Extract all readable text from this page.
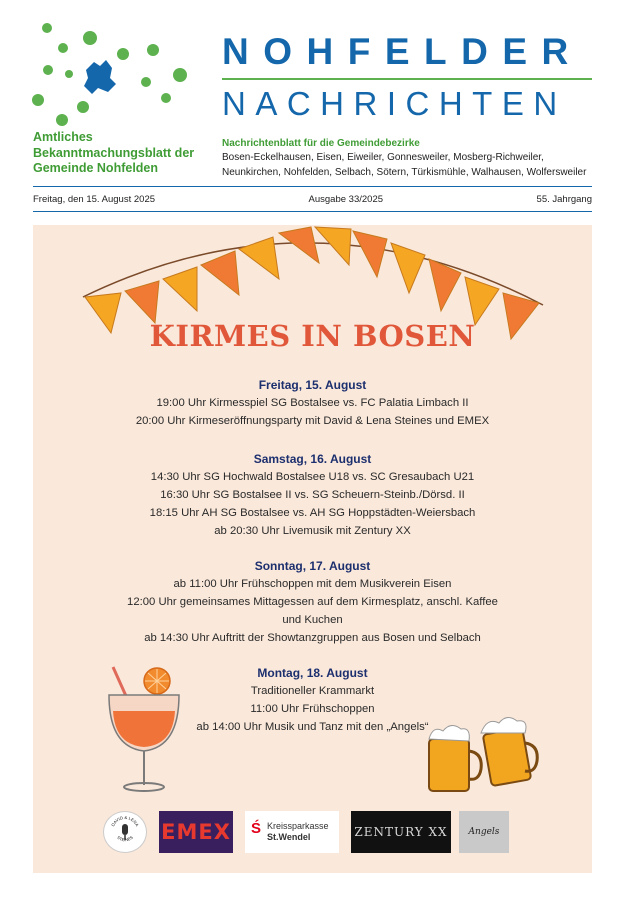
Amtliches
Bekanntmachungsblatt der
Gemeinde Nohfelden
NOHFELDER
NACHRICHTEN
Nachrichtenblatt für die Gemeindebezirke
Bosen-Eckelhausen, Eisen, Eiweiler, Gonnesweiler, Mosberg-Richweiler,
Neunkirchen, Nohfelden, Selbach, Sötern, Türkismühle, Walhausen, Wolfersweiler
Freitag, den 15. August 2025	Ausgabe 33/2025	55. Jahrgang
KIRMES IN BOSEN
Freitag, 15. August

19:00 Uhr Kirmesspiel SG Bostalsee vs. FC Palatia Limbach II

20:00 Uhr Kirmeseröffnungsparty mit David & Lena Steines und EMEX

Samstag, 16. August

14:30 Uhr SG Hochwald Bostalsee U18 vs. SC Gresaubach U21

16:30 Uhr SG Bostalsee II vs. SG Scheuern-Steinb./Dörsd. II

18:15 Uhr AH SG Bostalsee vs. AH SG Hoppstädten-Weiersbach

ab 20:30 Uhr Livemusik mit Zentury XX

Sonntag, 17. August

ab 11:00 Uhr Frühschoppen mit dem Musikverein Eisen

12:00 Uhr gemeinsames Mittagessen auf dem Kirmesplatz, anschl. Kaffee

und Kuchen

ab 14:30 Uhr Auftritt der Showtanzgruppen aus Bosen und Selbach

Montag, 18. August

Traditioneller Krammarkt

11:00 Uhr Frühschoppen

ab 14:00 Uhr Musik und Tanz mit den „Angels“

DAVID & LENA
STE NES EMEX Ś Kreissparkasse
St.Wendel	ZENTURY XX	Angels
